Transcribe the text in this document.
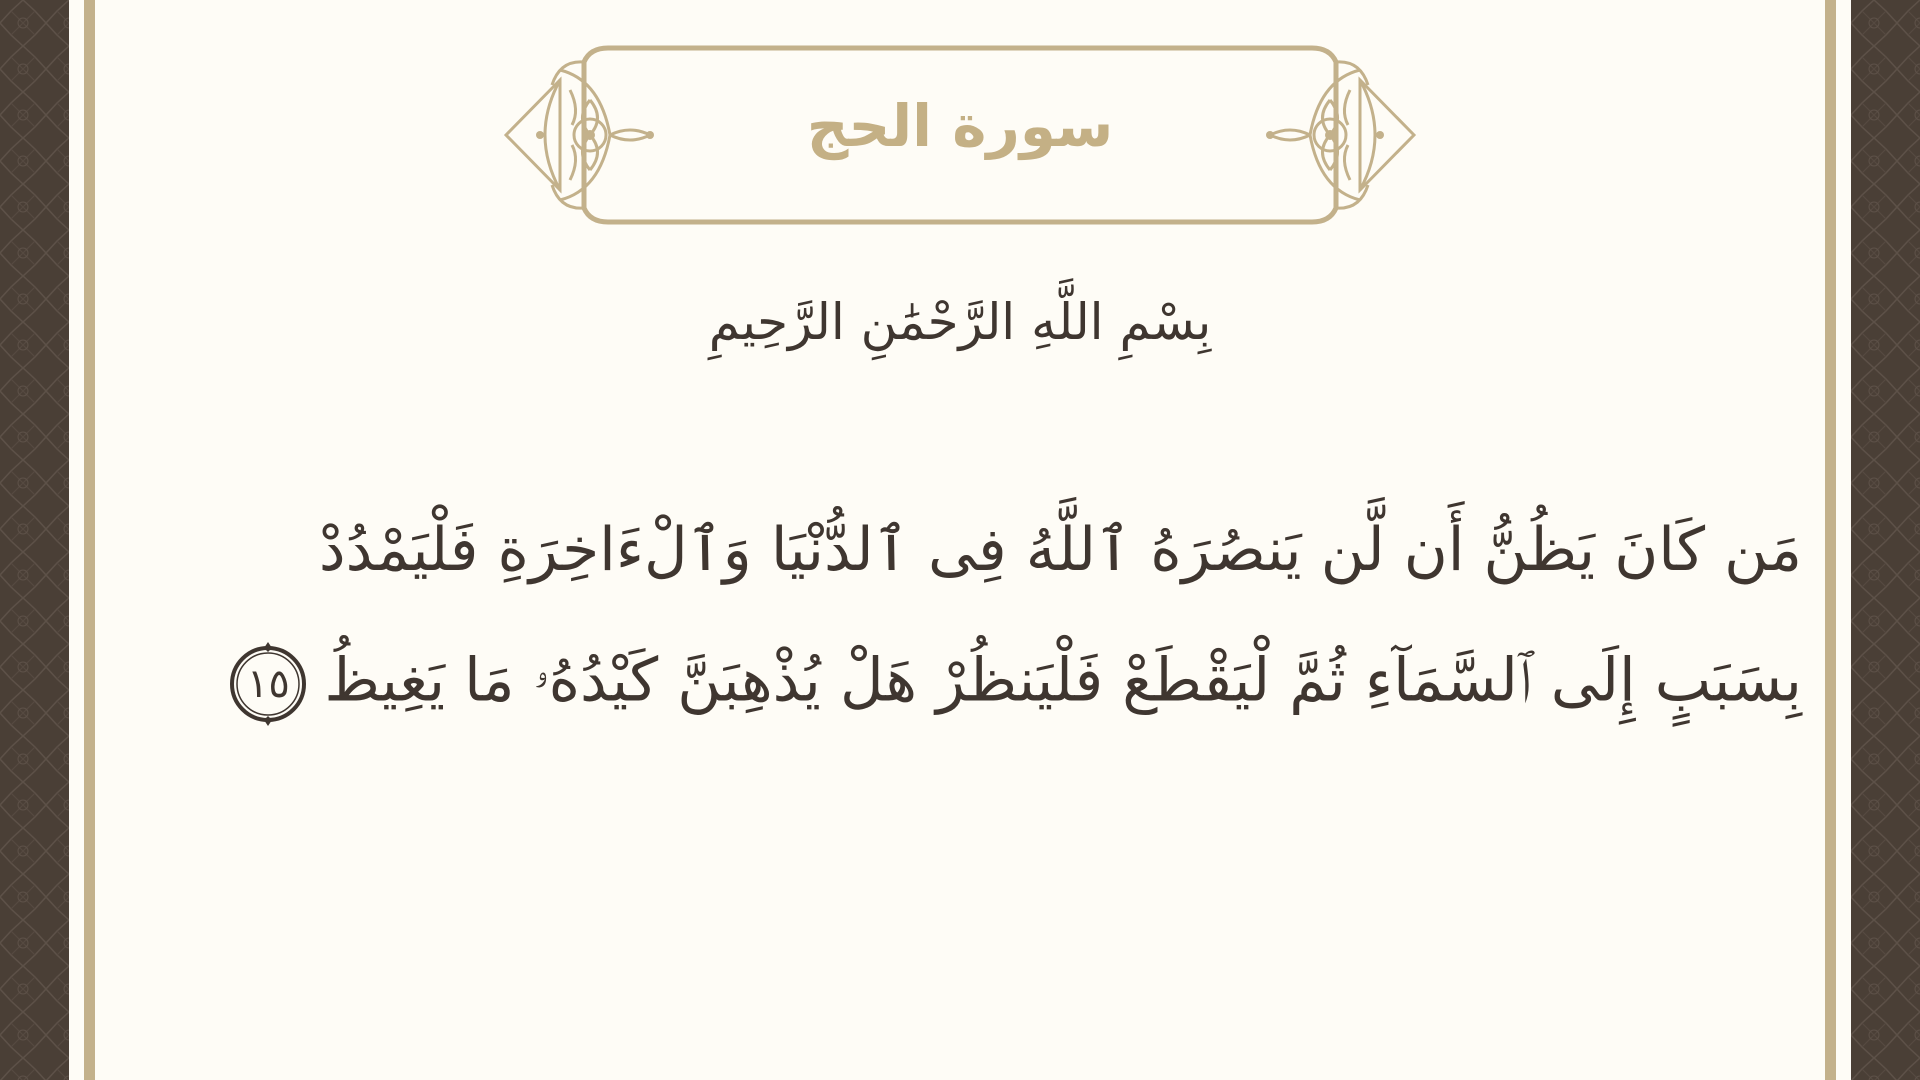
سورة الحج
بِسْمِ اللَّهِ الرَّحْمَٰنِ الرَّحِيمِ
مَن كَانَ يَظُنُّ أَن لَّن يَنصُرَهُ ٱللَّهُ فِى ٱلدُّنْيَا وَٱلْءَاخِرَةِ فَلْيَمْدُدْ
بِسَبَبٍ إِلَى ٱلسَّمَآءِ ثُمَّ لْيَقْطَعْ فَلْيَنظُرْ هَلْ يُذْهِبَنَّ كَيْدُهُۥ مَا يَغِيظُ
١٥
